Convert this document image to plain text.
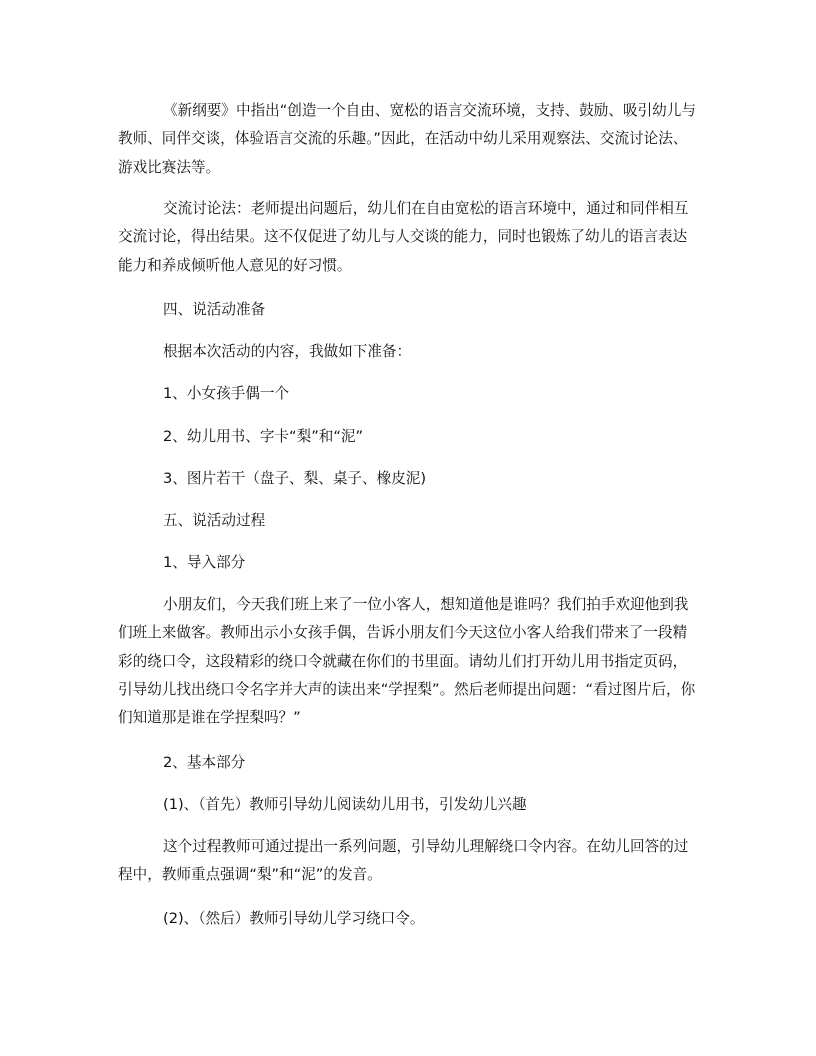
《新纲要》中指出“创造一个自由、宽松的语言交流环境，支持、鼓励、吸引幼儿与教师、同伴交谈，体验语言交流的乐趣。”因此，在活动中幼儿采用观察法、交流讨论法、游戏比赛法等。

交流讨论法：老师提出问题后，幼儿们在自由宽松的语言环境中，通过和同伴相互交流讨论，得出结果。这不仅促进了幼儿与人交谈的能力，同时也锻炼了幼儿的语言表达能力和养成倾听他人意见的好习惯。

四、说活动准备

根据本次活动的内容，我做如下准备：

1、小女孩手偶一个

2、幼儿用书、字卡“梨”和“泥”

3、图片若干（盘子、梨、桌子、橡皮泥)

五、说活动过程

1、导入部分

小朋友们，今天我们班上来了一位小客人，想知道他是谁吗？我们拍手欢迎他到我们班上来做客。教师出示小女孩手偶，告诉小朋友们今天这位小客人给我们带来了一段精彩的绕口令，这段精彩的绕口令就藏在你们的书里面。请幼儿们打开幼儿用书指定页码，引导幼儿找出绕口令名字并大声的读出来“学捏梨”。然后老师提出问题：“看过图片后，你们知道那是谁在学捏梨吗？”

2、基本部分

(1)、（首先）教师引导幼儿阅读幼儿用书，引发幼儿兴趣

这个过程教师可通过提出一系列问题，引导幼儿理解绕口令内容。在幼儿回答的过程中，教师重点强调“梨”和“泥”的发音。

(2)、（然后）教师引导幼儿学习绕口令。
